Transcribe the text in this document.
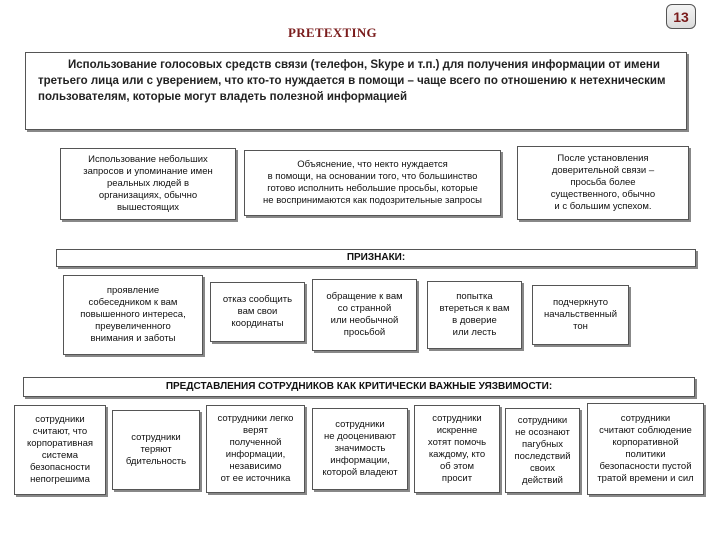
PRETEXTING
13
Использование голосовых средств связи (телефон, Skype и т.п.) для получения информации от имени третьего лица или с уверением, что кто-то нуждается в помощи – чаще всего по отношению к нетехническим пользователям, которые могут владеть полезной информацией
Использование небольших
запросов и упоминание имен
реальных людей в
организациях, обычно
вышестоящих
Объяснение, что некто нуждается
в помощи, на основании того, что большинство
готово исполнить небольшие просьбы, которые
не воспринимаются как подозрительные запросы
После установления
доверительной связи –
просьба более
существенного, обычно
и с большим успехом.
ПРИЗНАКИ:
проявление
собеседником к вам
повышенного интереса,
преувеличенного
внимания и заботы
отказ сообщить
вам свои
координаты
обращение к вам
со странной
или необычной
просьбой
попытка
втереться к вам
в доверие
или лесть
подчеркнуто
начальственный
тон
ПРЕДСТАВЛЕНИЯ СОТРУДНИКОВ КАК КРИТИЧЕСКИ ВАЖНЫЕ УЯЗВИМОСТИ:
сотрудники
считают, что
корпоративная
система
безопасности
непогрешима
сотрудники
теряют
бдительность
сотрудники легко
верят
полученной
информации,
независимо
от ее источника
сотрудники
не дооценивают
значимость
информации,
которой владеют
сотрудники
искренне
хотят помочь
каждому, кто
об этом
просит
сотрудники
не осознают
пагубных
последствий
своих
действий
сотрудники
считают соблюдение
корпоративной
политики
безопасности пустой
тратой времени и сил
